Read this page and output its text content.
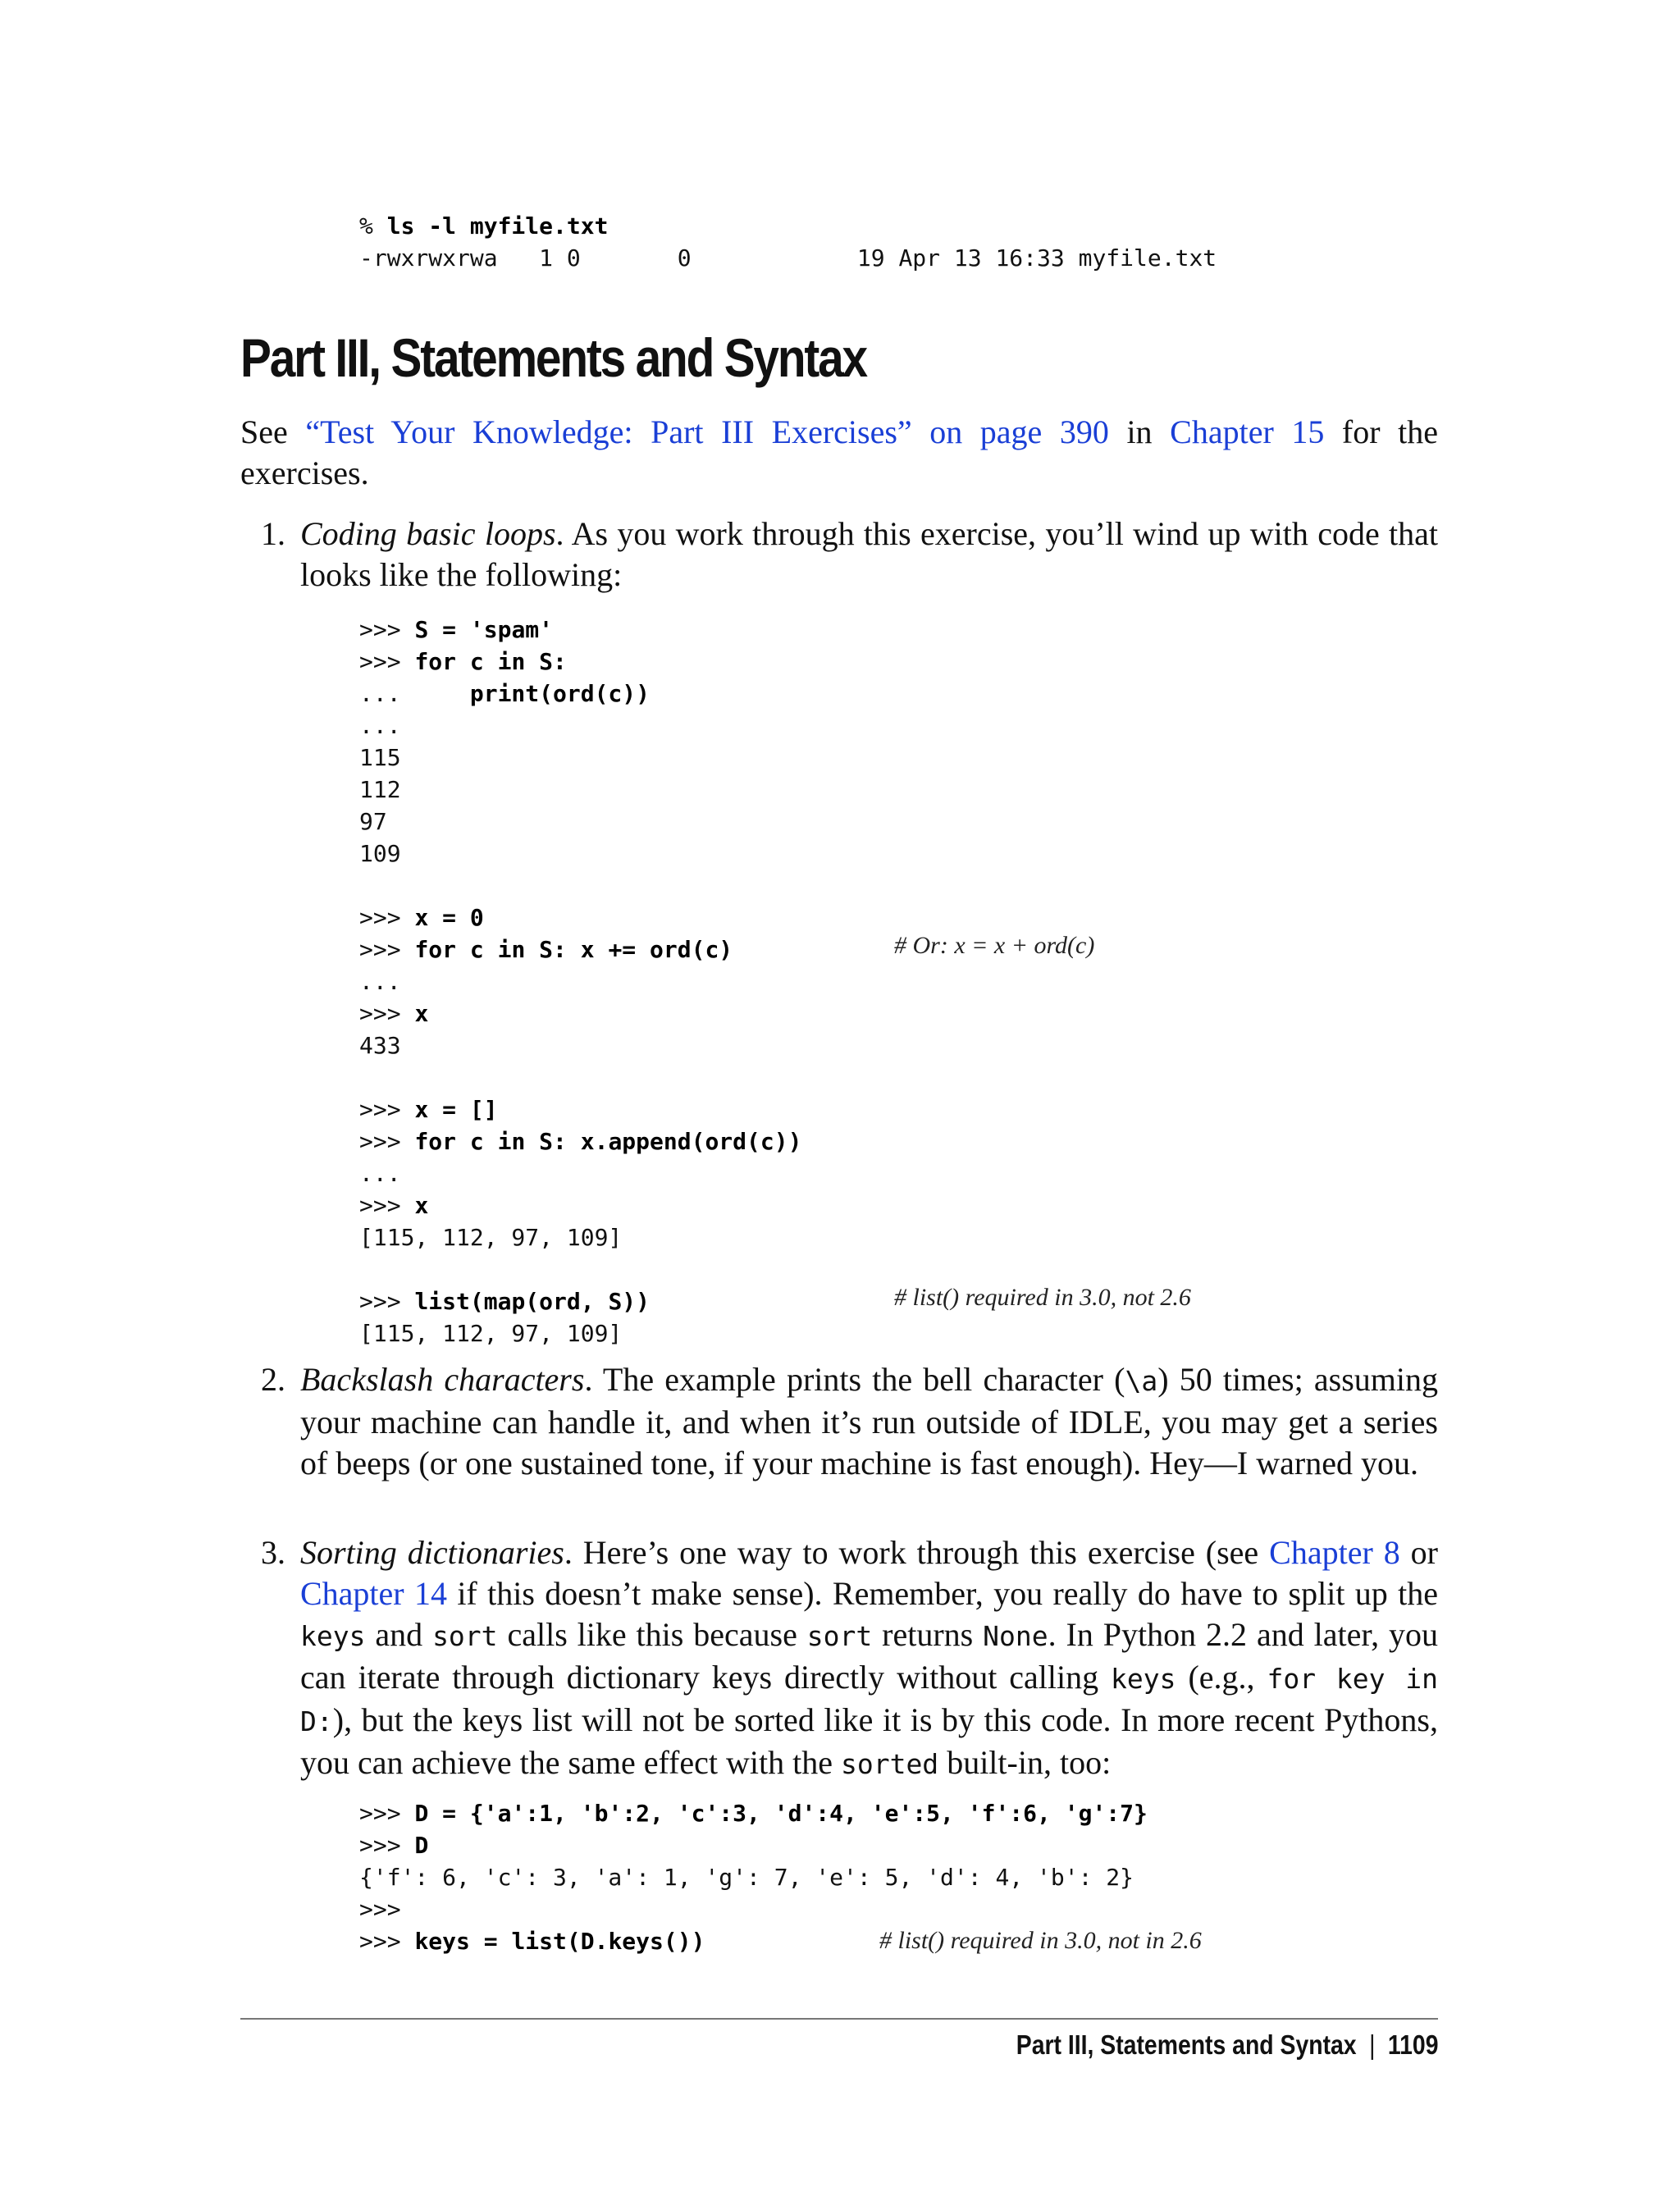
% ls -l myfile.txt
-rwxrwxrwa   1 0       0            19 Apr 13 16:33 myfile.txt
Part III, Statements and Syntax

See “Test Your Knowledge: Part III Exercises” on page 390 in Chapter 15 for the exercises.

1. Coding basic loops. As you work through this exercise, you’ll wind up with code that looks like the following:

>>> S = 'spam'
>>> for c in S:
...     print(ord(c))
...
115
112
97
109

>>> x = 0
>>> for c in S: x += ord(c)
...
>>> x
433

>>> x = []
>>> for c in S: x.append(ord(c))
...
>>> x
[115, 112, 97, 109]

>>> list(map(ord, S))
[115, 112, 97, 109]
# Or: x = x + ord(c)
# list() required in 3.0, not 2.6
2. Backslash characters. The example prints the bell character (\a) 50 times; assuming your machine can handle it, and when it’s run outside of IDLE, you may get a series of beeps (or one sustained tone, if your machine is fast enough). Hey—I warned you.

3. Sorting dictionaries. Here’s one way to work through this exercise (see Chapter 8 or Chapter 14 if this doesn’t make sense). Remember, you really do have to split up the keys and sort calls like this because sort returns None. In Python 2.2 and later, you can iterate through dictionary keys directly without calling keys (e.g., for key in D:), but the keys list will not be sorted like it is by this code. In more recent Pythons, you can achieve the same effect with the sorted built-in, too:

>>> D = {'a':1, 'b':2, 'c':3, 'd':4, 'e':5, 'f':6, 'g':7}
>>> D
{'f': 6, 'c': 3, 'a': 1, 'g': 7, 'e': 5, 'd': 4, 'b': 2}
>>>
>>> keys = list(D.keys())	# list() required in 3.0, not in 2.6
Part III, Statements and Syntax | 1109
